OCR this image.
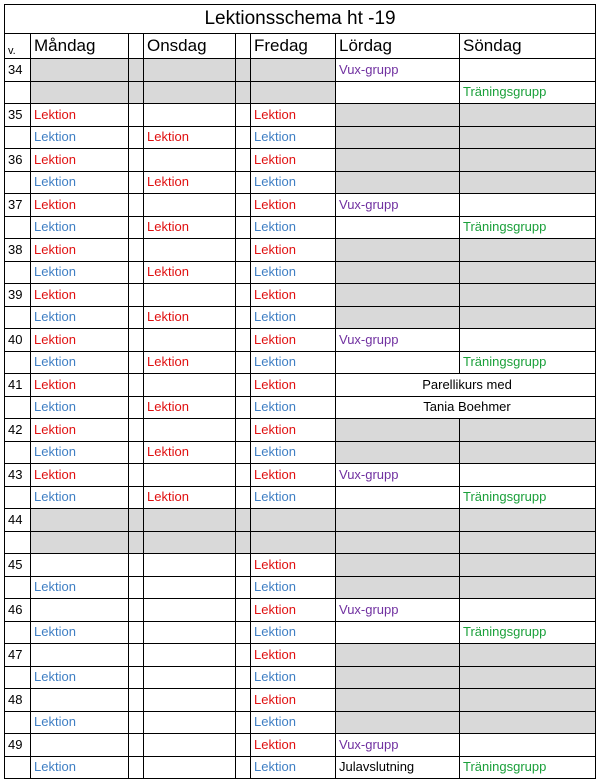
Lektionsschema ht -19							
v.	Måndag		Onsdag		Fredag	Lördag	Söndag
34						Vux-grupp	
							Träningsgrupp
35	Lektion				Lektion		
	Lektion		Lektion		Lektion		
36	Lektion				Lektion		
	Lektion		Lektion		Lektion		
37	Lektion				Lektion	Vux-grupp	
	Lektion		Lektion		Lektion		Träningsgrupp
38	Lektion				Lektion		
	Lektion		Lektion		Lektion		
39	Lektion				Lektion		
	Lektion		Lektion		Lektion		
40	Lektion				Lektion	Vux-grupp	
	Lektion		Lektion		Lektion		Träningsgrupp
41	Lektion				Lektion	Parellikurs med	
	Lektion		Lektion		Lektion	Tania Boehmer	
42	Lektion				Lektion		
	Lektion		Lektion		Lektion		
43	Lektion				Lektion	Vux-grupp	
	Lektion		Lektion		Lektion		Träningsgrupp
44							

45					Lektion		
	Lektion				Lektion		
46					Lektion	Vux-grupp	
	Lektion				Lektion		Träningsgrupp
47					Lektion		
	Lektion				Lektion		
48					Lektion		
	Lektion				Lektion		
49					Lektion	Vux-grupp	
	Lektion				Lektion	Julavslutning	Träningsgrupp
